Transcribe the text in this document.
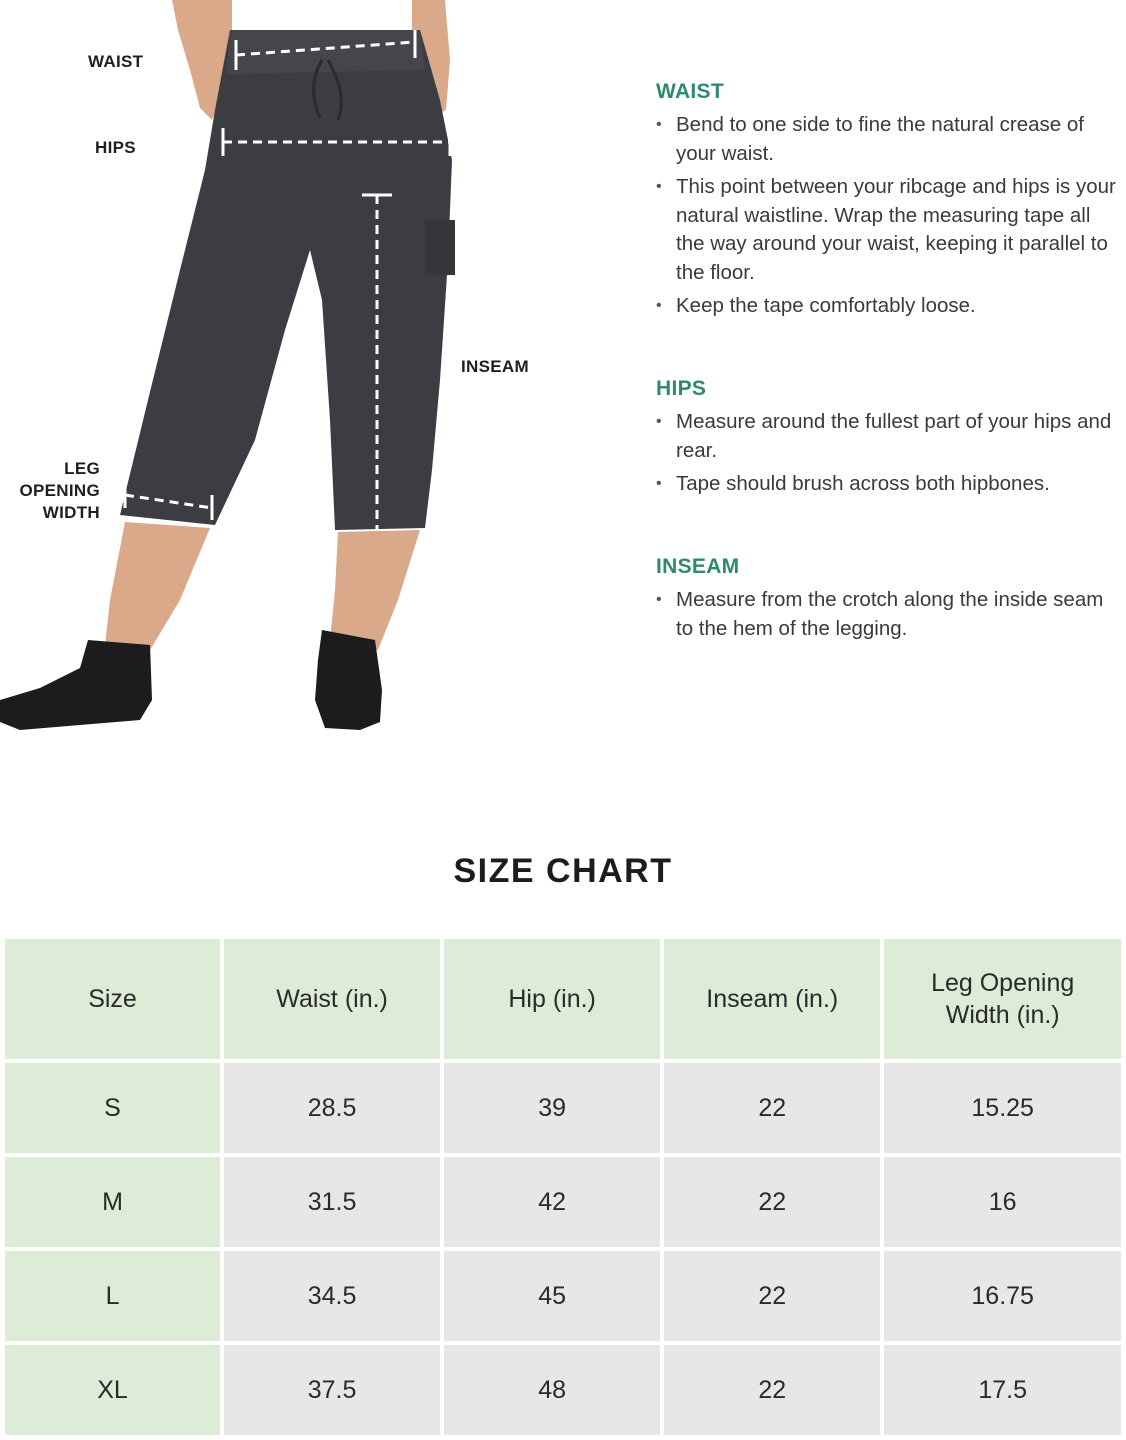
WAIST
HIPS
INSEAM
LEG
OPENING
WIDTH
WAIST
• Bend to one side to fine the natural crease of your waist.
• This point between your ribcage and hips is your natural waistline. Wrap the measuring tape all the way around your waist, keeping it parallel to the floor.
• Keep the tape comfortably loose.
HIPS
• Measure around the fullest part of your hips and rear.
• Tape should brush across both hipbones.
INSEAM
• Measure from the crotch along the inside seam to the hem of the legging.
SIZE CHART
Size	Waist (in.)	Hip (in.)	Inseam (in.)	Leg Opening Width (in.)
S	28.5	39	22	15.25
M	31.5	42	22	16
L	34.5	45	22	16.75
XL	37.5	48	22	17.5
